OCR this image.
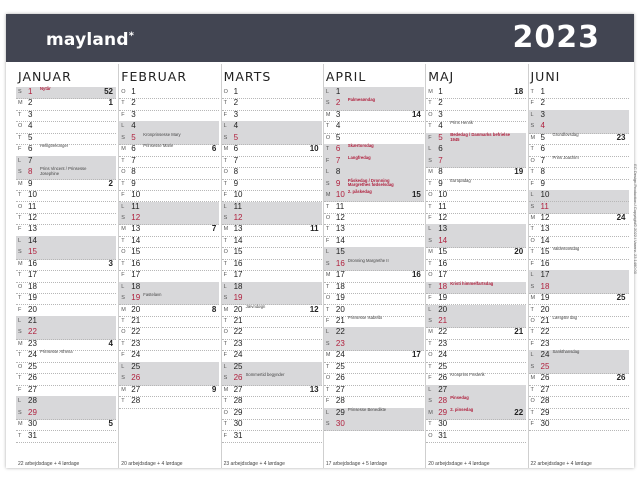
mayland*	2023
JANUAR
S 1 Nytår	52
M 2	1
T 3
O 4
T 5
F 6 Helligtrekonger
L 7
S 8 Prins Vincent / Prinsesse Josephine
M 9	2
T 10
O 11
T 12
F 13
L 14
S 15
M 16	3
T 17
O 18
T 19
F 20
L 21
S 22
M 23	4
T 24 Prinsesse Athena
O 25
T 26
F 27
L 28
S 29
M 30	5
T 31
22 arbejdsdage + 4 lørdage
FEBRUAR
O 1
T 2
F 3
L 4
S 5 Kronprinsesse Mary
M 6 Prinsesse Marie	6
T 7
O 8
T 9
F 10
L 11
S 12
M 13	7
T 14
O 15
T 16
F 17
L 18
S 19 Fastelavn
M 20	8
T 21
O 22
T 23
F 24
L 25
S 26
M 27	9
T 28
20 arbejdsdage + 4 lørdage
MARTS
O 1
T 2
F 3
L 4
S 5
M 6	10
T 7
O 8
T 9
F 10
L 11
S 12
M 13	11
T 14
O 15
T 16
F 17
L 18
S 19
M 20 Jævndøgn	12
T 21
O 22
T 23
F 24
L 25
S 26 Sommertid begynder
M 27	13
T 28
O 29
T 30
F 31
23 arbejdsdage + 4 lørdage
APRIL
L 1
S 2 Palmesøndag
M 3	14
T 4
O 5
T 6 Skærtorsdag
F 7 Langfredag
L 8
S 9 Påskedag / Dronning Margrethes fødselsdag
M 10 2. påskedag	15
T 11
O 12
T 13
F 14
L 15
S 16 Dronning Margrethe II
M 17	16
T 18
O 19
T 20
F 21 Prinsesse Isabella
L 22
S 23
M 24	17
T 25
O 26
T 27
F 28
L 29 Prinsesse Benedikte
S 30
17 arbejdsdage + 5 lørdage
MAJ
M 1	18
T 2
O 3
T 4 Prins Henrik
F 5 Bededag / Danmarks befrielse 1945
L 6
S 7
M 8	19
T 9 Europadag
O 10
T 11
F 12
L 13
S 14
M 15	20
T 16
O 17
T 18 Kristi himmelfartsdag
F 19
L 20
S 21
M 22	21
T 23
O 24
T 25
F 26 Kronprins Frederik
L 27
S 28 Pinsedag
M 29 2. pinsedag	22
T 30
O 31
20 arbejdsdage + 4 lørdage
JUNI
T 1
F 2
L 3
S 4
M 5 Grundlovsdag	23
T 6
O 7 Prins Joachim
T 8
F 9
L 10
S 11
M 12	24
T 13
O 14
T 15 Valdemarsdag
F 16
L 17
S 18
M 19	25
T 20
O 21 Længste dag
T 22
F 23
L 24 Sankthansdag
S 25
M 26	26
T 27
O 28
T 29
F 30
22 arbejdsdage + 4 lørdage
EC Design Production / Copyright© 2022 / Varenr. 23 1460 00
